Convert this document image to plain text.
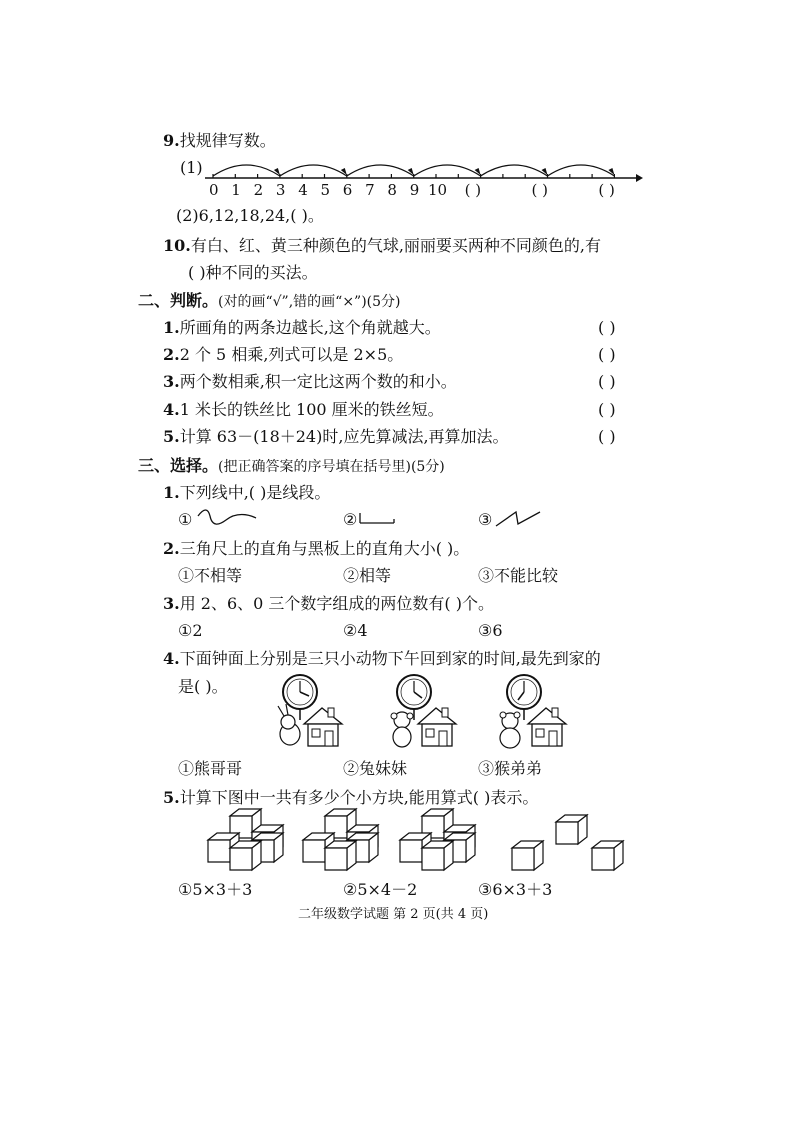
9.找规律写数。
(1)
0 1 2 3 4 5 6 7 8 9 10 ( )	( )	( )
(2)6,12,18,24,( )。
10.有白、红、黄三种颜色的气球,丽丽要买两种不同颜色的,有
( )种不同的买法。
二、判断。(对的画“√”,错的画“×”)(5分)
1.所画角的两条边越长,这个角就越大。	( )
2.2 个 5 相乘,列式可以是 2×5。	( )
3.两个数相乘,积一定比这两个数的和小。	( )
4.1 米长的铁丝比 100 厘米的铁丝短。	( )
5.计算 63－(18＋24)时,应先算减法,再算加法。	( )
三、选择。(把正确答案的序号填在括号里)(5分)
1.下列线中,( )是线段。
①	②	③
2.三角尺上的直角与黑板上的直角大小( )。
①不相等	②相等	③不能比较
3.用 2、6、0 三个数字组成的两位数有( )个。
①2	②4	③6
4.下面钟面上分别是三只小动物下午回到家的时间,最先到家的
是( )。
①熊哥哥	②兔妹妹	③猴弟弟
5.计算下图中一共有多少个小方块,能用算式( )表示。
①5×3＋3	②5×4－2	③6×3＋3
二年级数学试题 第 2 页(共 4 页)
